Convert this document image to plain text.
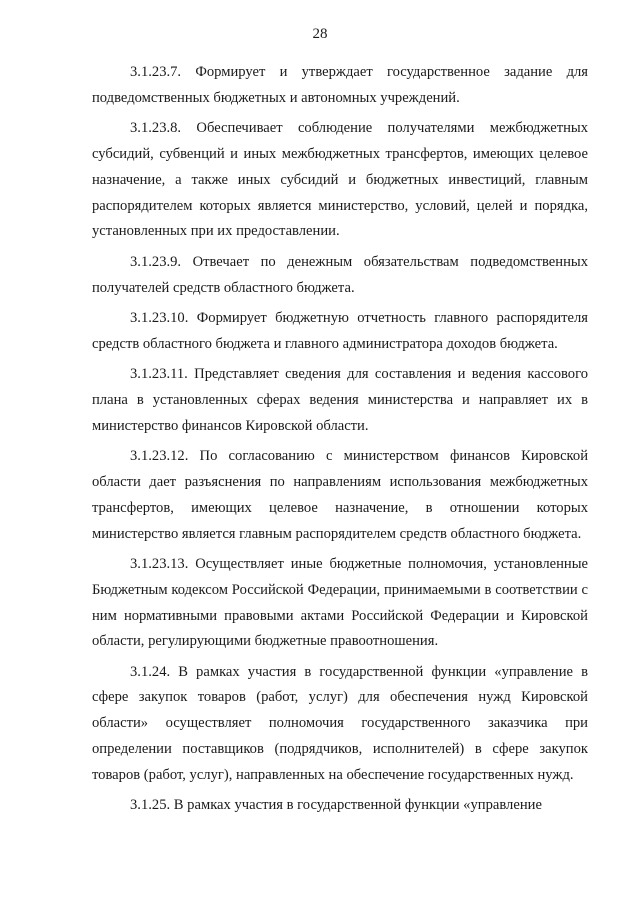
28

3.1.23.7. Формирует и утверждает государственное задание для подведомственных бюджетных и автономных учреждений.

3.1.23.8. Обеспечивает соблюдение получателями межбюджетных субсидий, субвенций и иных межбюджетных трансфертов, имеющих целевое назначение, а также иных субсидий и бюджетных инвестиций, главным распорядителем которых является министерство, условий, целей и порядка, установленных при их предоставлении.

3.1.23.9. Отвечает по денежным обязательствам подведомственных получателей средств областного бюджета.

3.1.23.10. Формирует бюджетную отчетность главного распорядителя средств областного бюджета и главного администратора доходов бюджета.

3.1.23.11. Представляет сведения для составления и ведения кассового плана в установленных сферах ведения министерства и направляет их в министерство финансов Кировской области.

3.1.23.12. По согласованию с министерством финансов Кировской области дает разъяснения по направлениям использования межбюджетных трансфертов, имеющих целевое назначение, в отношении которых министерство является главным распорядителем средств областного бюджета.

3.1.23.13. Осуществляет иные бюджетные полномочия, установленные Бюджетным кодексом Российской Федерации, принимаемыми в соответствии с ним нормативными правовыми актами Российской Федерации и Кировской области, регулирующими бюджетные правоотношения.

3.1.24. В рамках участия в государственной функции «управление в сфере закупок товаров (работ, услуг) для обеспечения нужд Кировской области» осуществляет полномочия государственного заказчика при определении поставщиков (подрядчиков, исполнителей) в сфере закупок товаров (работ, услуг), направленных на обеспечение государственных нужд.

3.1.25. В рамках участия в государственной функции «управление
